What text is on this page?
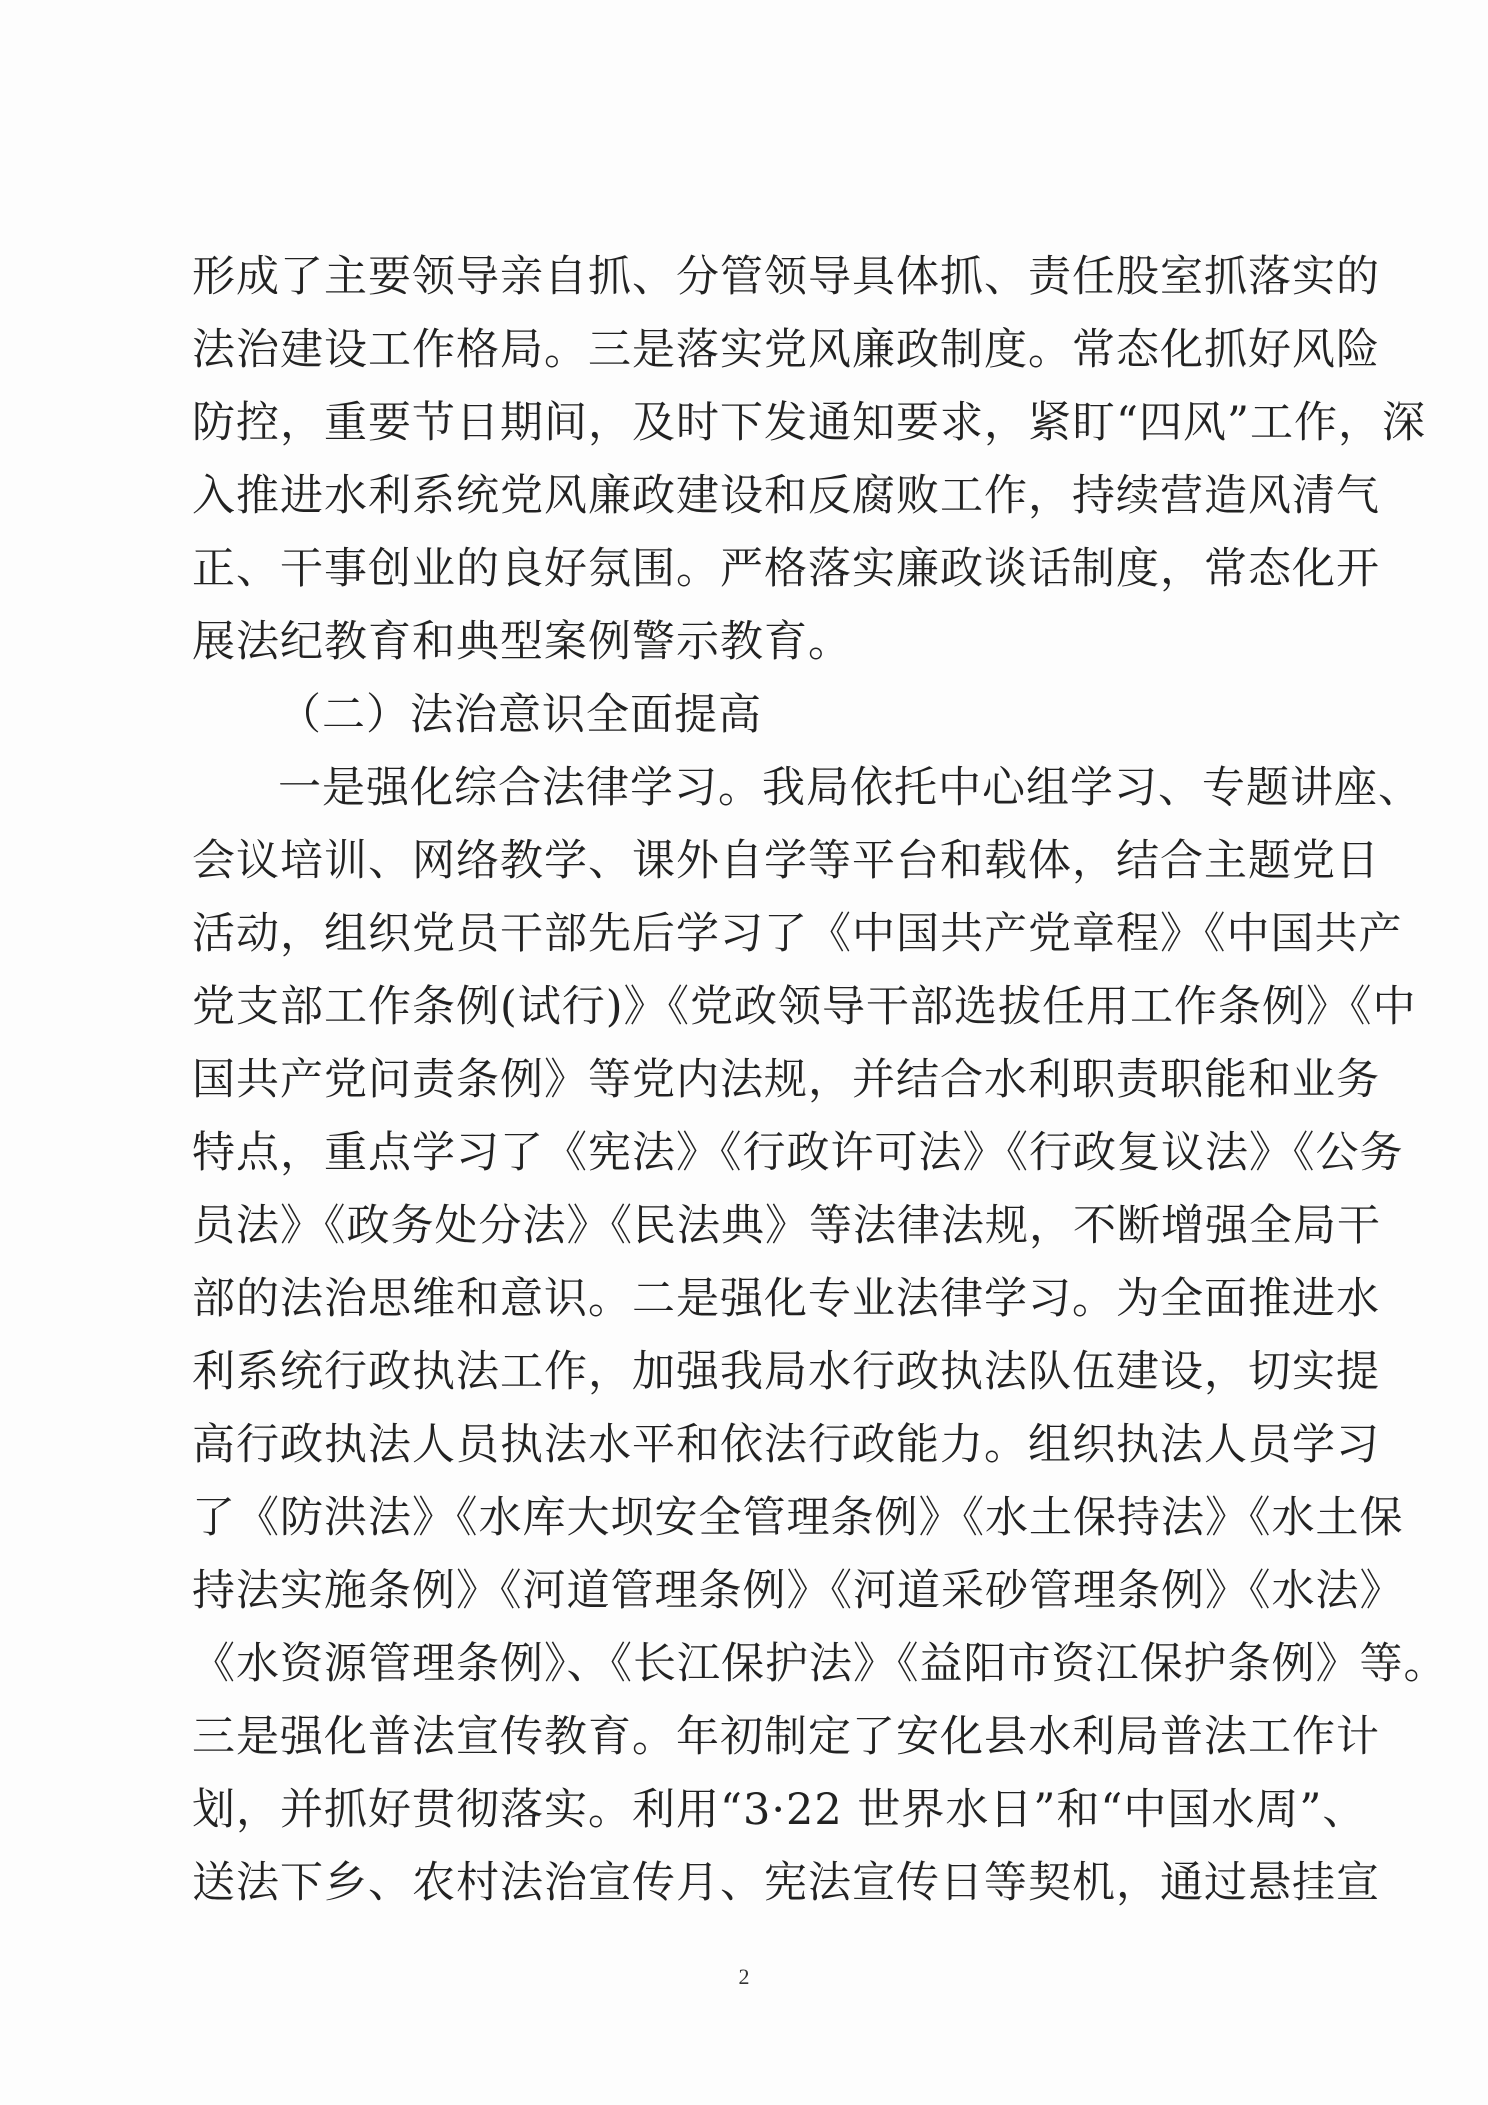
形成了主要领导亲自抓、分管领导具体抓、责任股室抓落实的
法治建设工作格局。三是落实党风廉政制度。常态化抓好风险
防控，重要节日期间，及时下发通知要求，紧盯“四风”工作，深
入推进水利系统党风廉政建设和反腐败工作，持续营造风清气
正、干事创业的良好氛围。严格落实廉政谈话制度，常态化开
展法纪教育和典型案例警示教育。
（二）法治意识全面提高
一是强化综合法律学习。我局依托中心组学习、专题讲座、
会议培训、网络教学、课外自学等平台和载体，结合主题党日
活动，组织党员干部先后学习了《中国共产党章程》《中国共产
党支部工作条例(试行)》《党政领导干部选拔任用工作条例》《中
国共产党问责条例》等党内法规，并结合水利职责职能和业务
特点，重点学习了《宪法》《行政许可法》《行政复议法》《公务
员法》《政务处分法》《民法典》等法律法规，不断增强全局干
部的法治思维和意识。二是强化专业法律学习。为全面推进水
利系统行政执法工作，加强我局水行政执法队伍建设，切实提
高行政执法人员执法水平和依法行政能力。组织执法人员学习
了《防洪法》《水库大坝安全管理条例》《水土保持法》《水土保
持法实施条例》《河道管理条例》《河道采砂管理条例》《水法》
《水资源管理条例》、《长江保护法》《益阳市资江保护条例》等。
三是强化普法宣传教育。年初制定了安化县水利局普法工作计
划，并抓好贯彻落实。利用“3·22 世界水日”和“中国水周”、
送法下乡、农村法治宣传月、宪法宣传日等契机，通过悬挂宣
2
